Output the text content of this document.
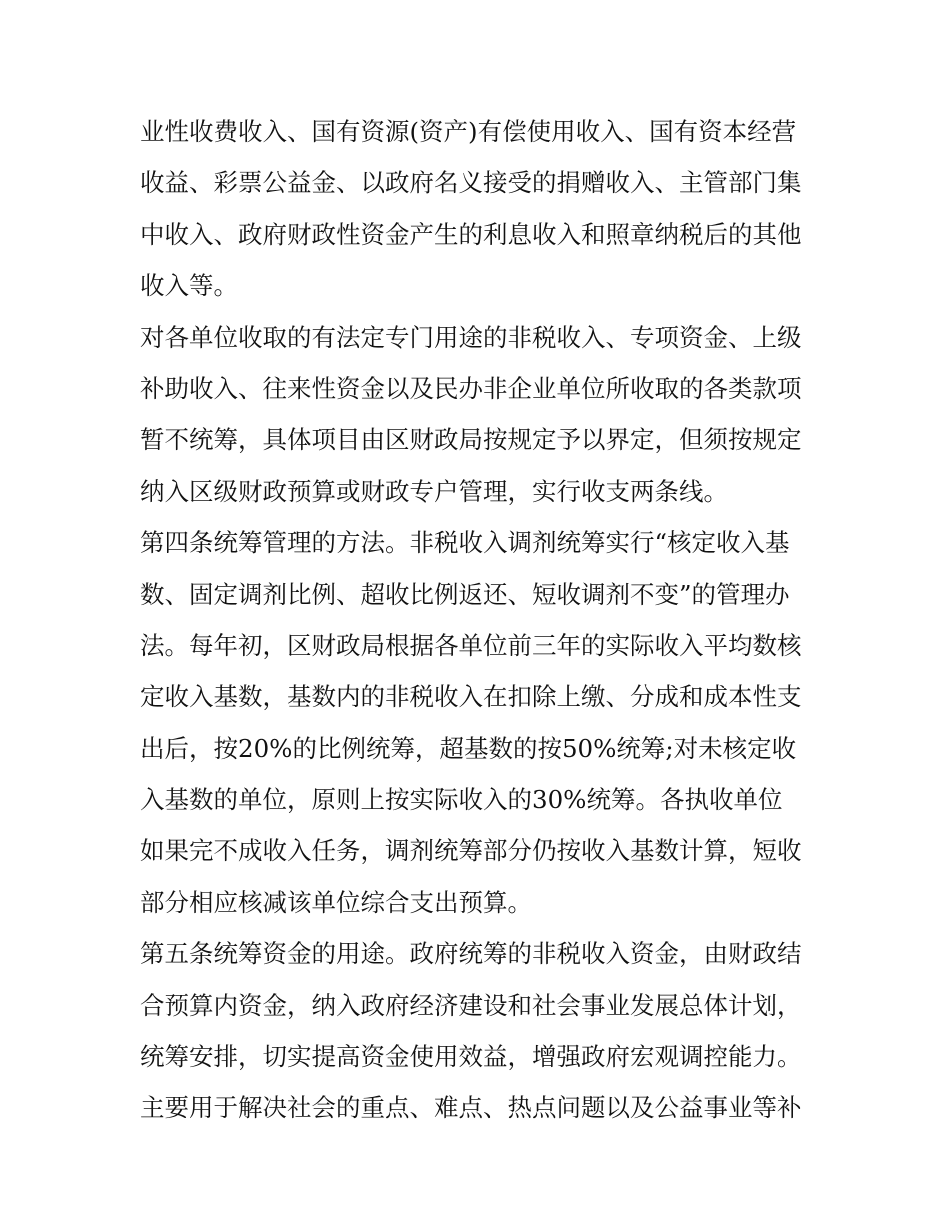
业性收费收入、国有资源(资产)有偿使用收入、国有资本经营
收益、彩票公益金、以政府名义接受的捐赠收入、主管部门集
中收入、政府财政性资金产生的利息收入和照章纳税后的其他
收入等。
对各单位收取的有法定专门用途的非税收入、专项资金、上级
补助收入、往来性资金以及民办非企业单位所收取的各类款项
暂不统筹，具体项目由区财政局按规定予以界定，但须按规定
纳入区级财政预算或财政专户管理，实行收支两条线。
第四条统筹管理的方法。非税收入调剂统筹实行“核定收入基
数、固定调剂比例、超收比例返还、短收调剂不变”的管理办
法。每年初，区财政局根据各单位前三年的实际收入平均数核
定收入基数，基数内的非税收入在扣除上缴、分成和成本性支
出后，按20%的比例统筹，超基数的按50%统筹;对未核定收
入基数的单位，原则上按实际收入的30%统筹。各执收单位
如果完不成收入任务，调剂统筹部分仍按收入基数计算，短收
部分相应核减该单位综合支出预算。
第五条统筹资金的用途。政府统筹的非税收入资金，由财政结
合预算内资金，纳入政府经济建设和社会事业发展总体计划，
统筹安排，切实提高资金使用效益，增强政府宏观调控能力。
主要用于解决社会的重点、难点、热点问题以及公益事业等补
